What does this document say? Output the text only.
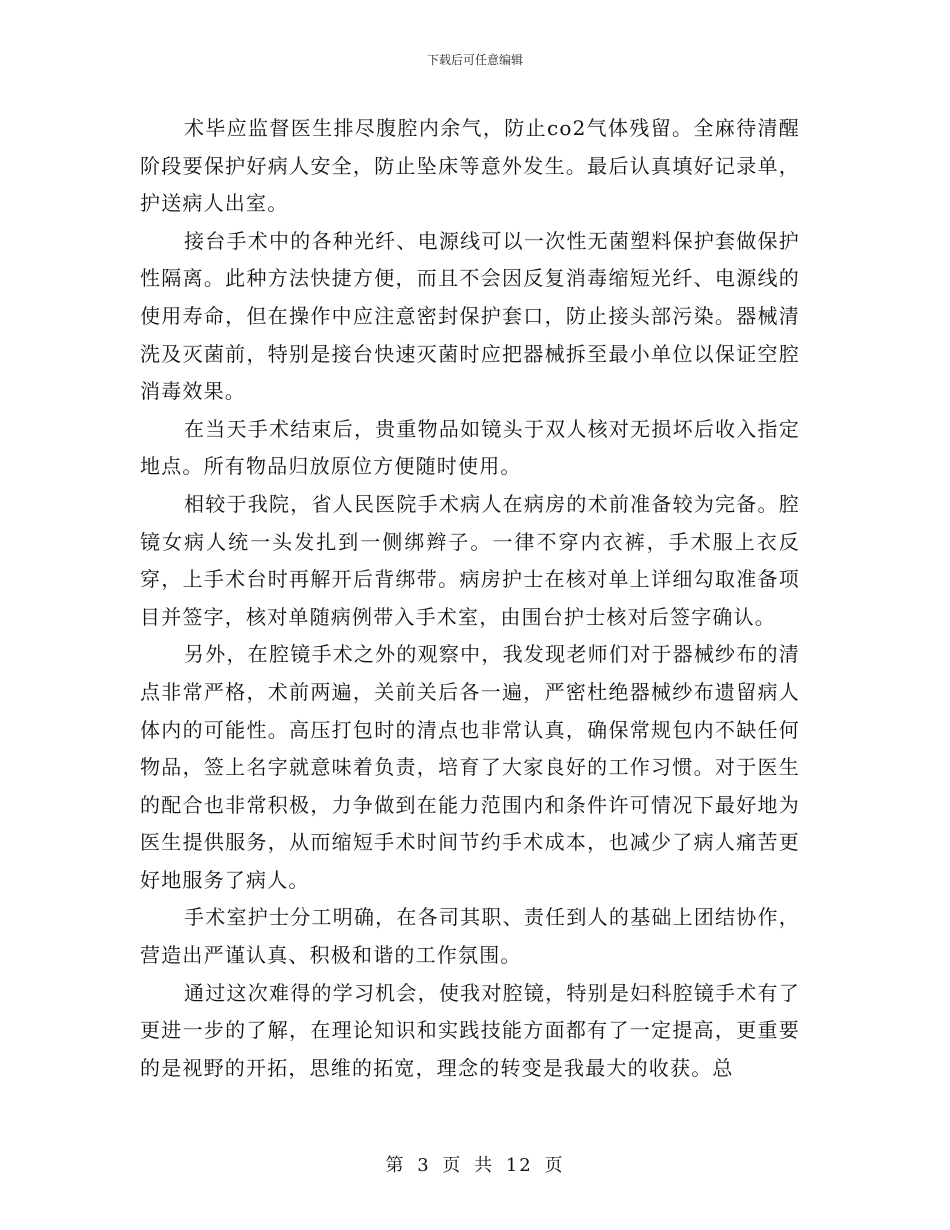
下载后可任意编辑

术毕应监督医生排尽腹腔内余气，防止co2气体残留。全麻待清醒阶段要保护好病人安全，防止坠床等意外发生。最后认真填好记录单，护送病人出室。

接台手术中的各种光纤、电源线可以一次性无菌塑料保护套做保护性隔离。此种方法快捷方便，而且不会因反复消毒缩短光纤、电源线的使用寿命，但在操作中应注意密封保护套口，防止接头部污染。器械清洗及灭菌前，特别是接台快速灭菌时应把器械拆至最小单位以保证空腔消毒效果。

在当天手术结束后，贵重物品如镜头于双人核对无损坏后收入指定地点。所有物品归放原位方便随时使用。

相较于我院，省人民医院手术病人在病房的术前准备较为完备。腔镜女病人统一头发扎到一侧绑辫子。一律不穿内衣裤，手术服上衣反穿，上手术台时再解开后背绑带。病房护士在核对单上详细勾取准备项目并签字，核对单随病例带入手术室，由围台护士核对后签字确认。

另外，在腔镜手术之外的观察中，我发现老师们对于器械纱布的清点非常严格，术前两遍，关前关后各一遍，严密杜绝器械纱布遗留病人体内的可能性。高压打包时的清点也非常认真，确保常规包内不缺任何物品，签上名字就意味着负责，培育了大家良好的工作习惯。对于医生的配合也非常积极，力争做到在能力范围内和条件许可情况下最好地为医生提供服务，从而缩短手术时间节约手术成本，也减少了病人痛苦更好地服务了病人。

手术室护士分工明确，在各司其职、责任到人的基础上团结协作，营造出严谨认真、积极和谐的工作氛围。

通过这次难得的学习机会，使我对腔镜，特别是妇科腔镜手术有了更进一步的了解，在理论知识和实践技能方面都有了一定提高，更重要的是视野的开拓，思维的拓宽，理念的转变是我最大的收获。总

第 3 页 共 12 页
